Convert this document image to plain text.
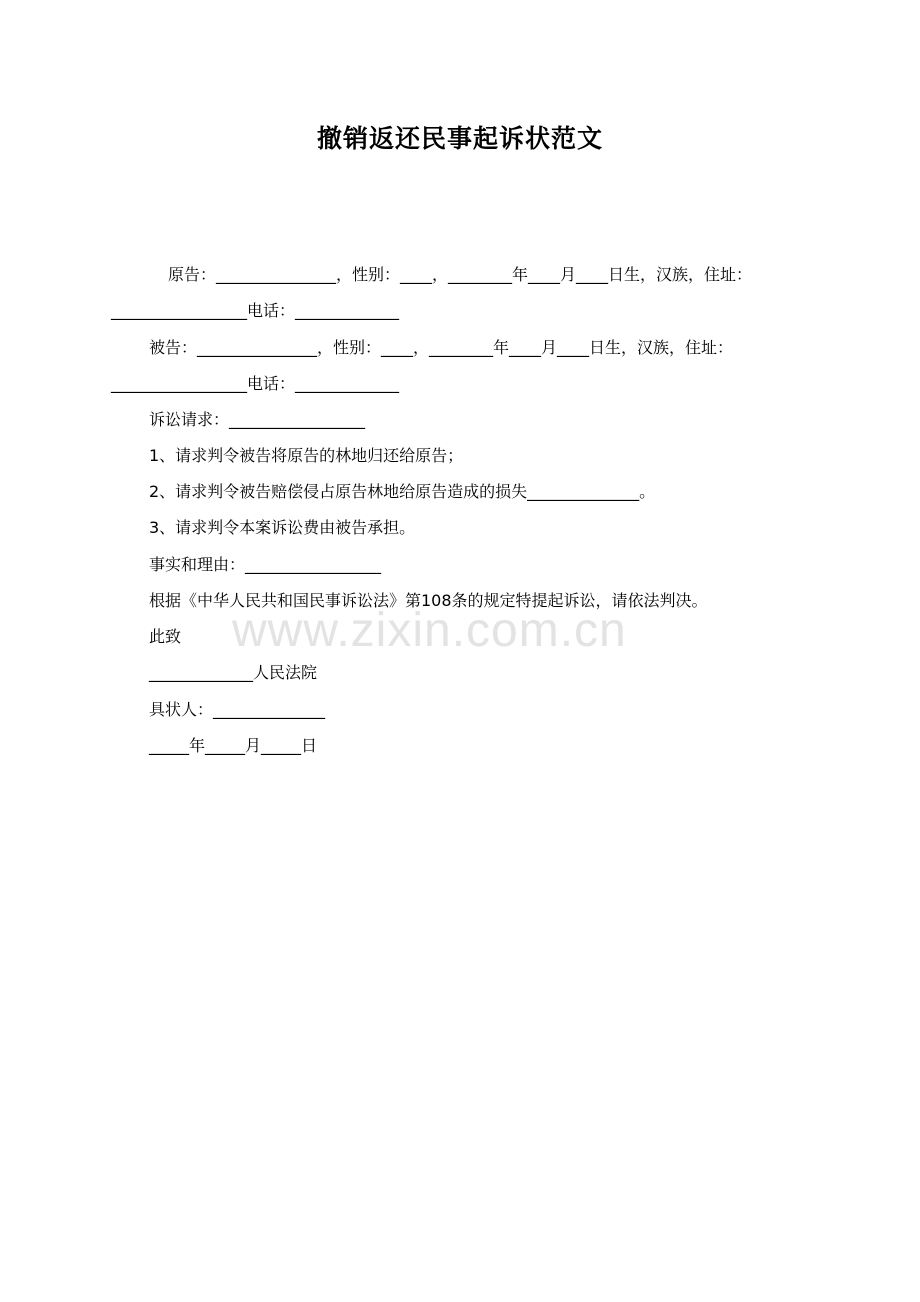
撤销返还民事起诉状范文
原告：_______________，性别：____，________年____月____日生，汉族，住址：
_________________电话：_____________
被告：_______________，性别：____，________年____月____日生，汉族，住址：
_________________电话：_____________
诉讼请求：_________________
1、请求判令被告将原告的林地归还给原告；
2、请求判令被告赔偿侵占原告林地给原告造成的损失______________。
3、请求判令本案诉讼费由被告承担。
事实和理由：_________________
根据《中华人民共和国民事诉讼法》第108条的规定特提起诉讼，请依法判决。
www.zixin.com.cn
此致
_____________人民法院
具状人：______________
_____年_____月_____日
